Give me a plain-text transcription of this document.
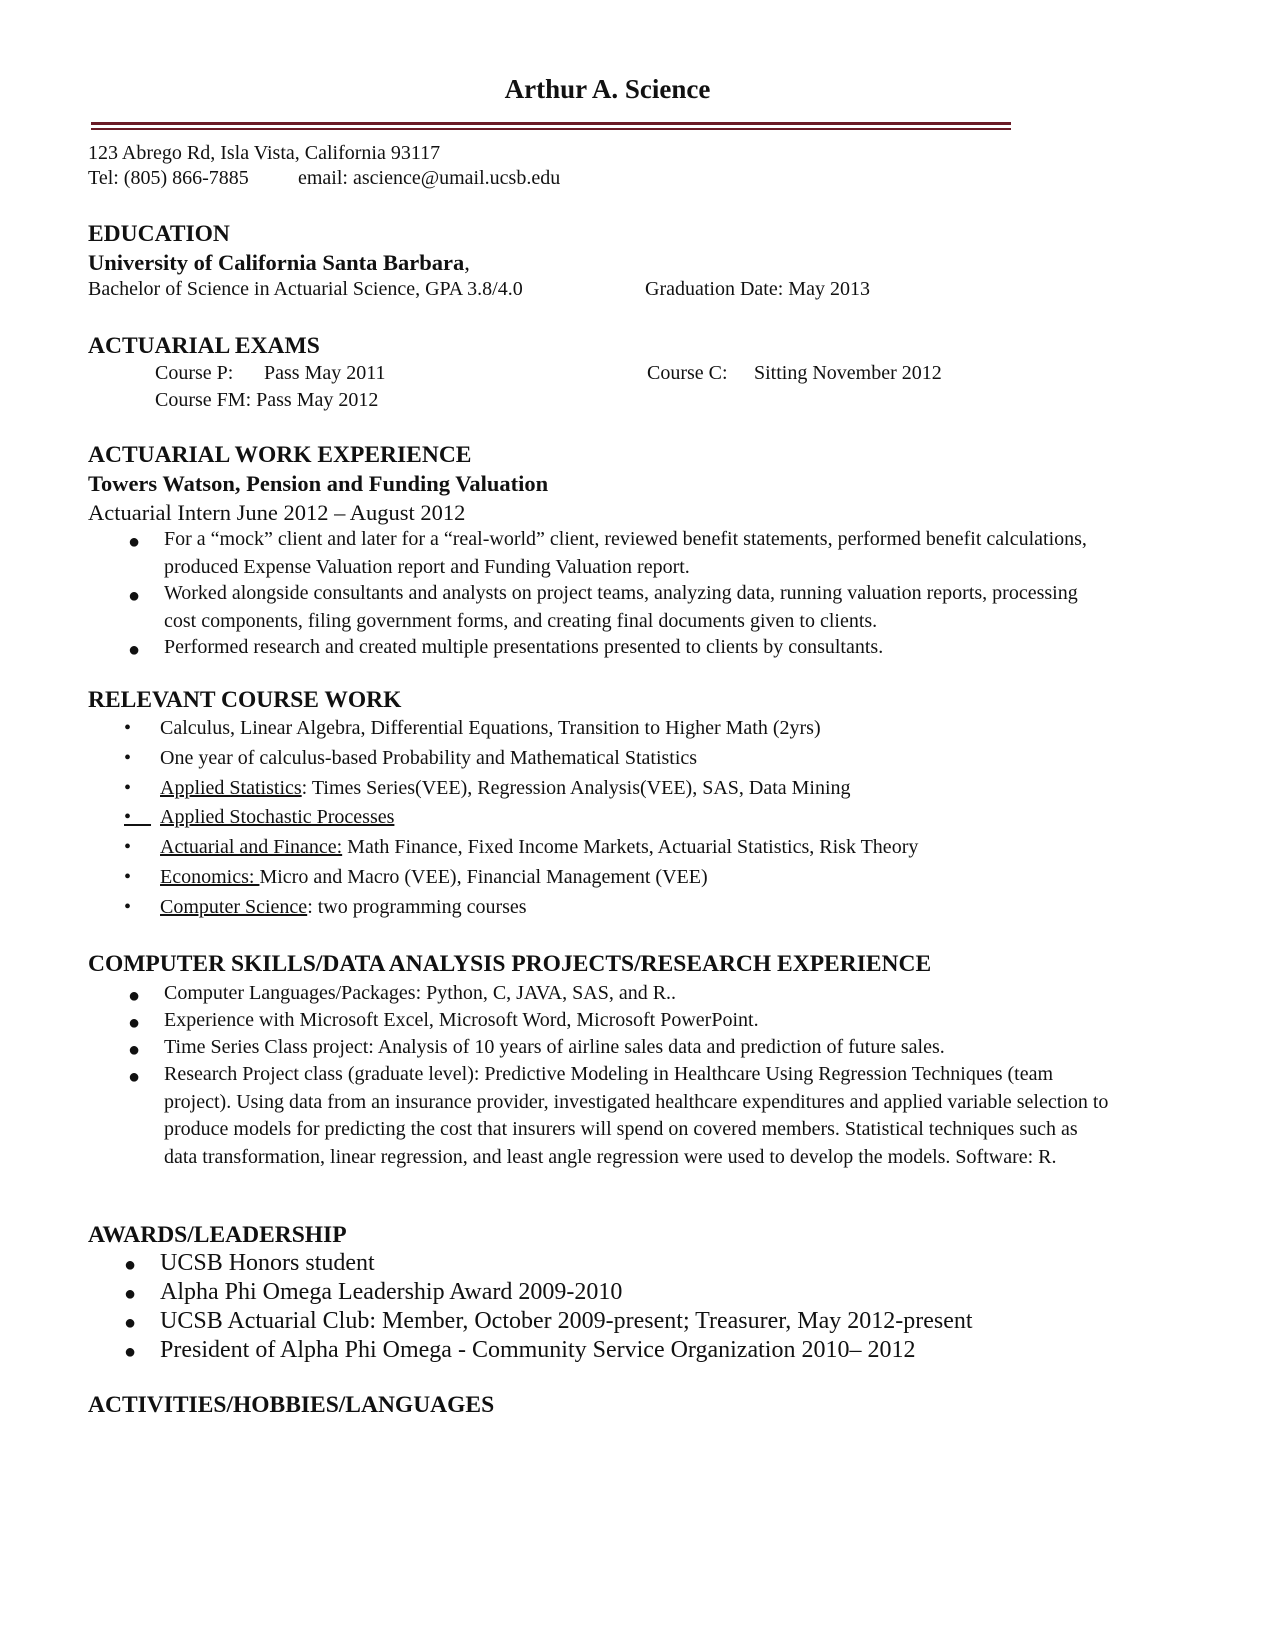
Arthur A. Science
123 Abrego Rd, Isla Vista, California 93117
Tel: (805) 866-7885 email: ascience@umail.ucsb.edu
EDUCATION
University of California Santa Barbara,
Bachelor of Science in Actuarial Science, GPA 3.8/4.0	Graduation Date: May 2013
ACTUARIAL EXAMS
Course P: Pass May 2011	Course C: Sitting November 2012
Course FM: Pass May 2012
ACTUARIAL WORK EXPERIENCE
Towers Watson, Pension and Funding Valuation
Actuarial Intern June 2012 – August 2012
● For a “mock” client and later for a “real-world” client, reviewed benefit statements, performed benefit calculations, produced Expense Valuation report and Funding Valuation report.
● Worked alongside consultants and analysts on project teams, analyzing data, running valuation reports, processing cost components, filing government forms, and creating final documents given to clients.
● Performed research and created multiple presentations presented to clients by consultants.
RELEVANT COURSE WORK
• Calculus, Linear Algebra, Differential Equations, Transition to Higher Math (2yrs)
• One year of calculus-based Probability and Mathematical Statistics
• Applied Statistics: Times Series(VEE), Regression Analysis(VEE), SAS, Data Mining
• Applied Stochastic Processes
• Actuarial and Finance: Math Finance, Fixed Income Markets, Actuarial Statistics, Risk Theory
• Economics: Micro and Macro (VEE), Financial Management (VEE)
• Computer Science: two programming courses
COMPUTER SKILLS/DATA ANALYSIS PROJECTS/RESEARCH EXPERIENCE
● Computer Languages/Packages: Python, C, JAVA, SAS, and R..
● Experience with Microsoft Excel, Microsoft Word, Microsoft PowerPoint.
● Time Series Class project: Analysis of 10 years of airline sales data and prediction of future sales.
● Research Project class (graduate level): Predictive Modeling in Healthcare Using Regression Techniques (team project). Using data from an insurance provider, investigated healthcare expenditures and applied variable selection to produce models for predicting the cost that insurers will spend on covered members. Statistical techniques such as data transformation, linear regression, and least angle regression were used to develop the models. Software: R.
AWARDS/LEADERSHIP
● UCSB Honors student
● Alpha Phi Omega Leadership Award 2009-2010
● UCSB Actuarial Club: Member, October 2009-present; Treasurer, May 2012-present
● President of Alpha Phi Omega - Community Service Organization 2010– 2012
ACTIVITIES/HOBBIES/LANGUAGES
